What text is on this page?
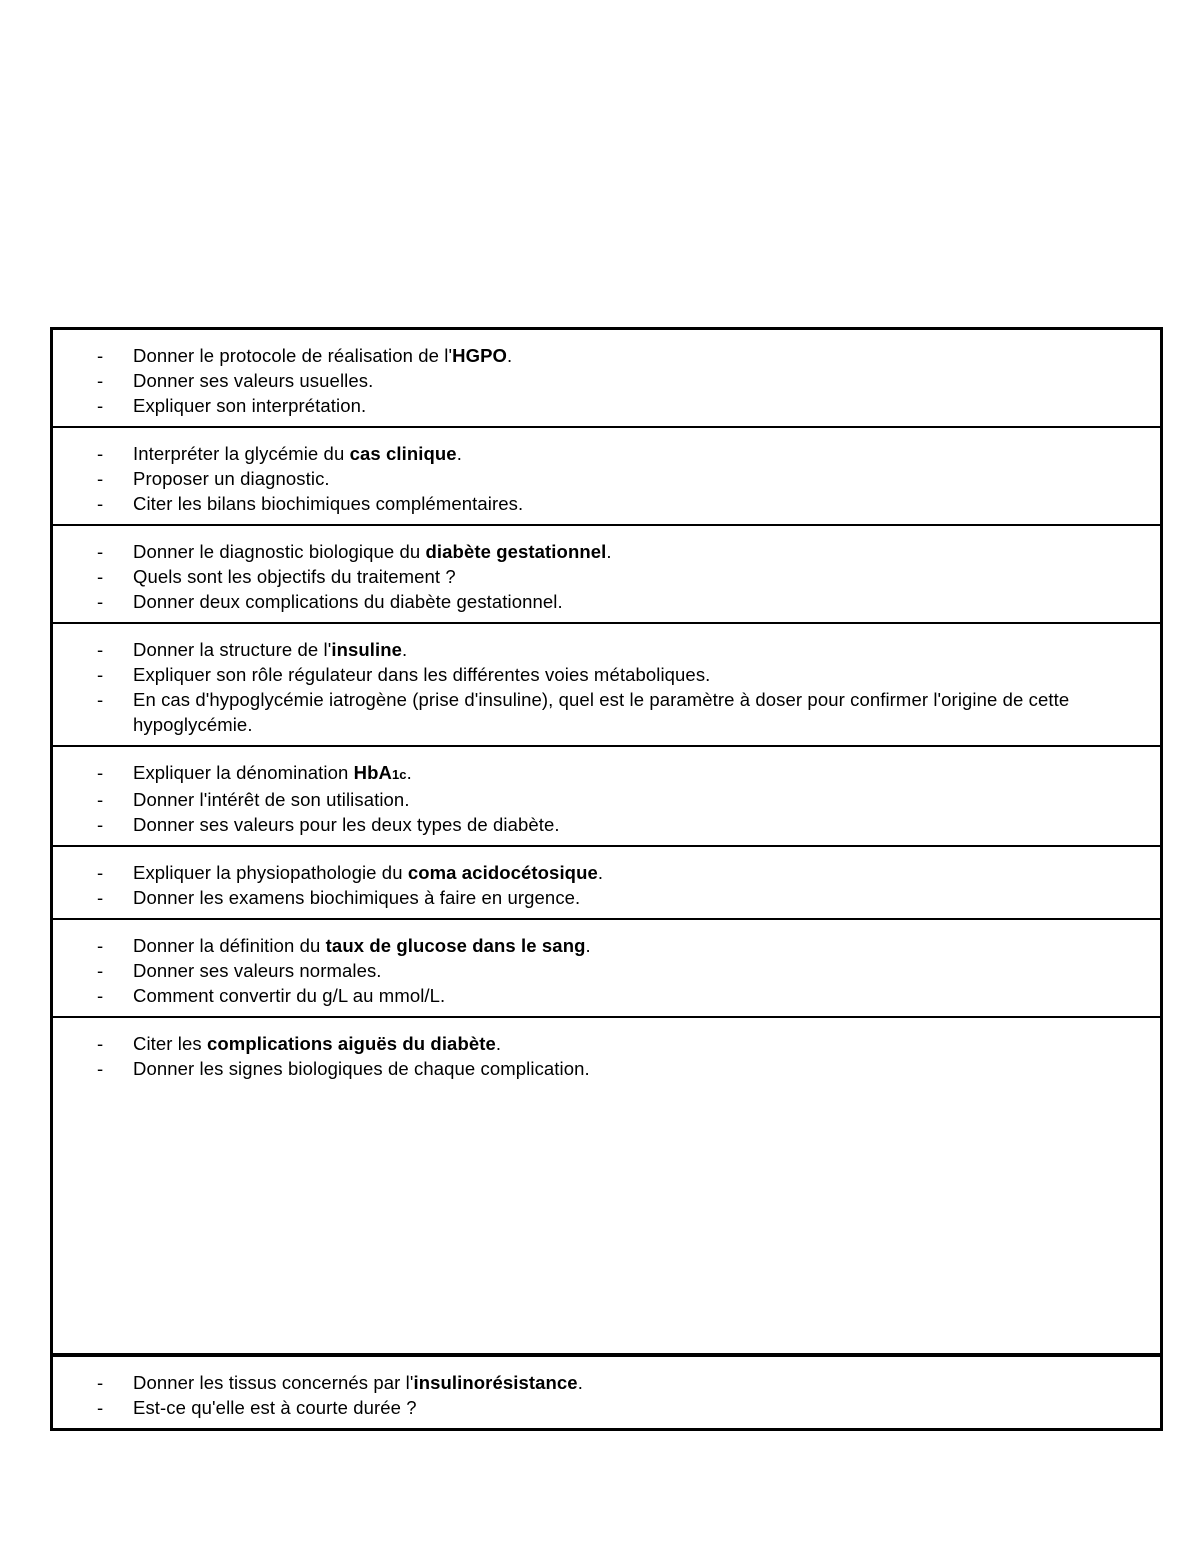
- Donner le protocole de réalisation de l'HGPO.
- Donner ses valeurs usuelles.
- Expliquer son interprétation.
- Interpréter la glycémie du cas clinique.
- Proposer un diagnostic.
- Citer les bilans biochimiques complémentaires.
- Donner le diagnostic biologique du diabète gestationnel.
- Quels sont les objectifs du traitement ?
- Donner deux complications du diabète gestationnel.
- Donner la structure de l'insuline.
- Expliquer son rôle régulateur dans les différentes voies métaboliques.
- En cas d'hypoglycémie iatrogène (prise d'insuline), quel est le paramètre à doser pour confirmer l'origine de cette hypoglycémie.
- Expliquer la dénomination HbA1c.
- Donner l'intérêt de son utilisation.
- Donner ses valeurs pour les deux types de diabète.
- Expliquer la physiopathologie du coma acidocétosique.
- Donner les examens biochimiques à faire en urgence.
- Donner la définition du taux de glucose dans le sang.
- Donner ses valeurs normales.
- Comment convertir du g/L au mmol/L.
- Citer les complications aiguës du diabète.
- Donner les signes biologiques de chaque complication.
- Donner les tissus concernés par l'insulinorésistance.
- Est-ce qu'elle est à courte durée ?
